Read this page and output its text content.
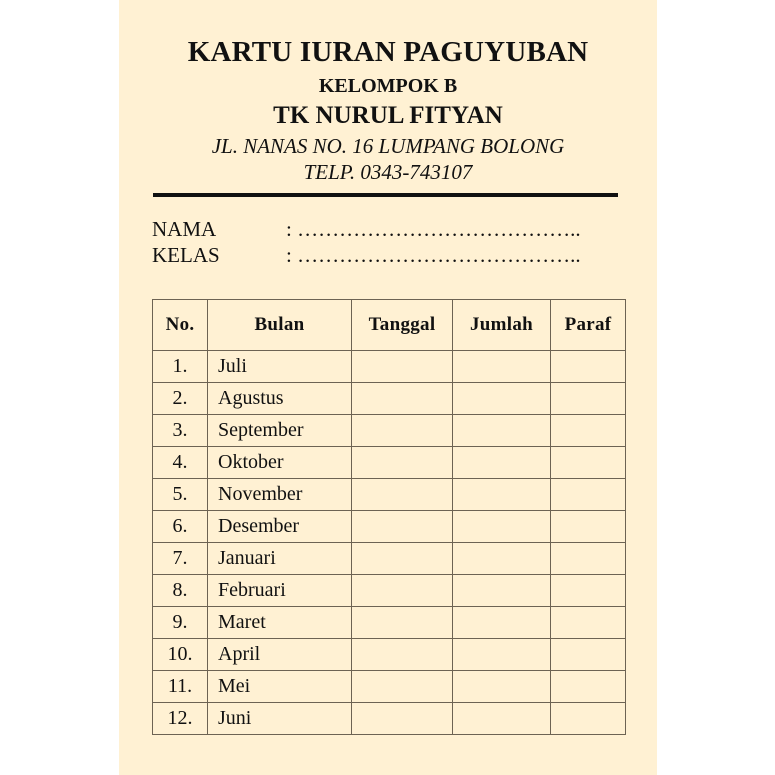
KARTU IURAN PAGUYUBAN
KELOMPOK B
TK NURUL FITYAN
JL. NANAS NO. 16 LUMPANG BOLONG
TELP. 0343-743107
NAMA	: …………………………………..
KELAS	: …………………………………..
No.	Bulan	Tanggal	Jumlah	Paraf
1.	Juli			
2.	Agustus			
3.	September			
4.	Oktober			
5.	November			
6.	Desember			
7.	Januari			
8.	Februari			
9.	Maret			
10.	April			
11.	Mei			
12.	Juni			
